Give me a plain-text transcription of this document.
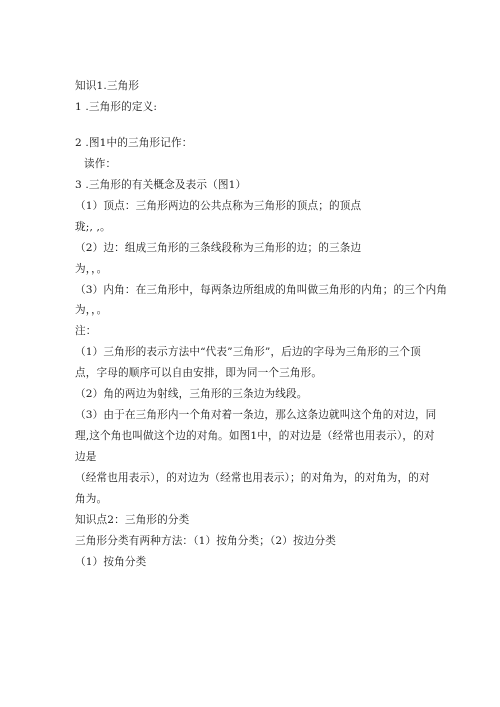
知识1.三角形
1 .三角形的定义:
2 .图1中的三角形记作：
读作：
3 .三角形的有关概念及表示（图1）
（1）顶点：三角形两边的公共点称为三角形的顶点；的顶点
珑;, ,。
（2）边：组成三角形的三条线段称为三角形的边；的三条边
为，，。
（3）内角：在三角形中，每两条边所组成的角叫做三角形的内角；的三个内角
为，，。
注：
（1）三角形的表示方法中“代表”三角形”，后边的字母为三角形的三个顶
点，字母的顺序可以自由安排，即为同一个三角形。
（2）角的两边为射线，三角形的三条边为线段。
（3）由于在三角形内一个角对着一条边，那么这条边就叫这个角的对边，同
理,这个角也叫做这个边的对角。如图1中，的对边是（经常也用表示），的对
边是
（经常也用表示），的对边为（经常也用表示）；的对角为，的对角为，的对
角为。
知识点2：三角形的分类
三角形分类有两种方法：（1）按角分类；（2）按边分类
（1）按角分类
